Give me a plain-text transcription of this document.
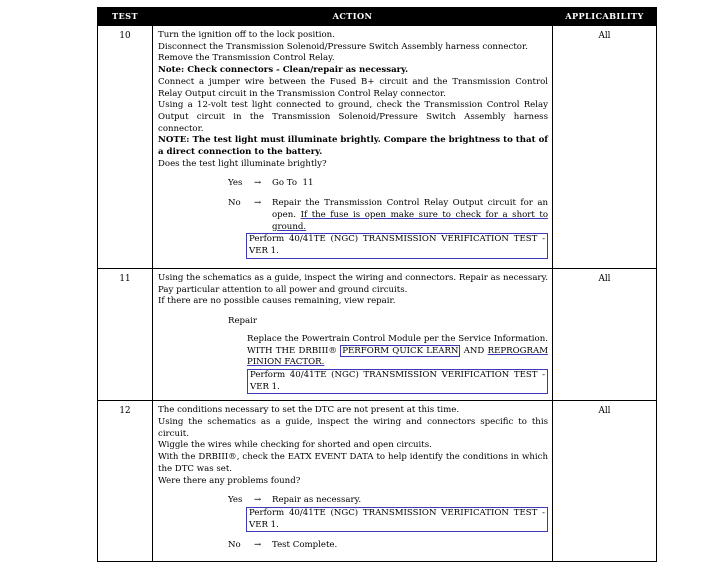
TEST	ACTION	APPLICABILITY
10	Turn the ignition off to the lock position.
Disconnect the Transmission Solenoid/Pressure Switch Assembly harness connector.
Remove the Transmission Control Relay.
Note: Check connectors - Clean/repair as necessary.
Connect a jumper wire between the Fused B+ circuit and the Transmission Control Relay Output circuit in the Transmission Control Relay connector.
Using a 12-volt test light connected to ground, check the Transmission Control Relay Output circuit in the Transmission Solenoid/Pressure Switch Assembly harness connector.
NOTE: The test light must illuminate brightly. Compare the brightness to that of a direct connection to the battery.
Does the test light illuminate brightly?
Yes	→	Go To  11
No	→	Repair the Transmission Control Relay Output circuit for an open. If the fuse is open make sure to check for a short to ground.
Perform 40/41TE (NGC) TRANSMISSION VERIFICATION TEST - VER 1.
	All
11	Using the schematics as a guide, inspect the wiring and connectors. Repair as necessary. Pay particular attention to all power and ground circuits.
If there are no possible causes remaining, view repair.
Repair
Replace the Powertrain Control Module per the Service Information. WITH THE DRBIII® PERFORM QUICK LEARN AND REPROGRAM PINION FACTOR.
Perform 40/41TE (NGC) TRANSMISSION VERIFICATION TEST - VER 1.	All
12	The conditions necessary to set the DTC are not present at this time.
Using the schematics as a guide, inspect the wiring and connectors specific to this circuit.
Wiggle the wires while checking for shorted and open circuits.
With the DRBIII®, check the EATX EVENT DATA to help identify the conditions in which the DTC was set.
Were there any problems found?
Yes	→	Repair as necessary.
Perform 40/41TE (NGC) TRANSMISSION VERIFICATION TEST - VER 1.
No	→	Test Complete.
	All
